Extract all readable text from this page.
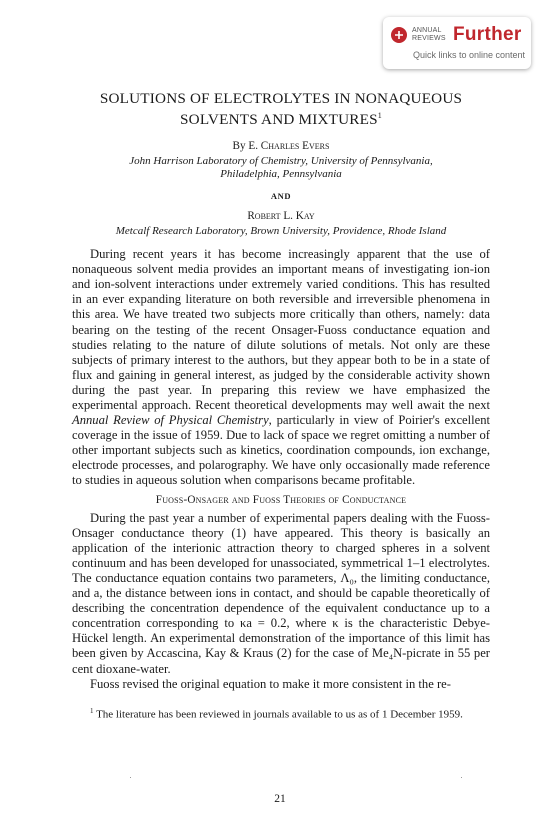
ANNUAL
REVIEWS Further
Quick links to online content
SOLUTIONS OF ELECTROLYTES IN NONAQUEOUS
SOLVENTS AND MIXTURES$^1$
By E. Charles Evers
John Harrison Laboratory of Chemistry, University of Pennsylvania,
Philadelphia, Pennsylvania
AND
Robert L. Kay
Metcalf Research Laboratory, Brown University, Providence, Rhode Island

During recent years it has become increasingly apparent that the use of nonaqueous solvent media provides an important means of investigating ion-ion and ion-solvent interactions under extremely varied conditions. This has resulted in an ever expanding literature on both reversible and irreversible phenomena in this area. We have treated two subjects more critically than others, namely: data bearing on the testing of the recent Onsager-Fuoss conductance equation and studies relating to the nature of dilute solutions of metals. Not only are these subjects of primary interest to the authors, but they appear both to be in a state of flux and gaining in general interest, as judged by the considerable activity shown during the past year. In preparing this review we have emphasized the experimental approach. Recent theoretical developments may well await the next Annual Review of Physical Chemistry, particularly in view of Poirier's excellent coverage in the issue of 1959. Due to lack of space we regret omitting a number of other important subjects such as kinetics, coordination compounds, ion exchange, electrode processes, and polarography. We have only occasionally made reference to studies in aqueous solution when comparisons became profitable.

Fuoss-Onsager and Fuoss Theories of Conductance

During the past year a number of experimental papers dealing with the Fuoss-Onsager conductance theory (1) have appeared. This theory is basically an application of the interionic attraction theory to charged spheres in a solvent continuum and has been developed for unassociated, symmetrical 1–1 electrolytes. The conductance equation contains two parameters, Λ₀, the limiting conductance, and a, the distance between ions in contact, and should be capable theoretically of describing the concentration dependence of the equivalent conductance up to a concentration corresponding to κa = 0.2, where κ is the characteristic Debye-Hückel length. An experimental demonstration of the importance of this limit has been given by Accascina, Kay & Kraus (2) for the case of Me₄N-picrate in 55 per cent dioxane-water.

Fuoss revised the original equation to make it more consistent in the re-

$^1$ The literature has been reviewed in journals available to us as of 1 December 1959.

21
